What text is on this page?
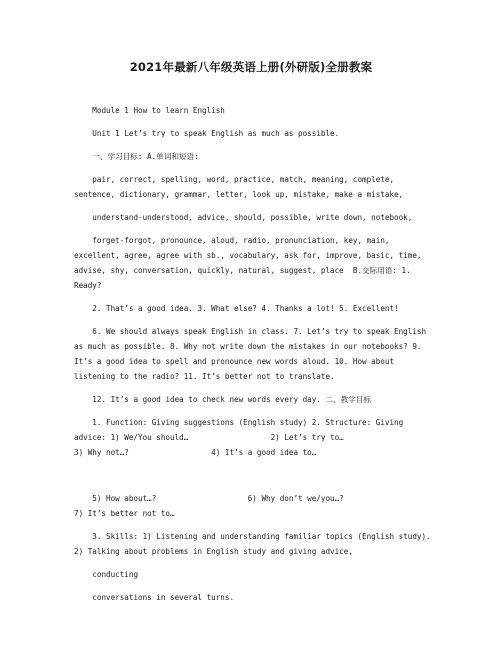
2021年最新八年级英语上册(外研版)全册教案
Module 1 How to learn English
Unit 1 Let’s try to speak English as much as possible.
一、学习目标: A.单词和短语:
pair, correct, spelling, word, practice, match, meaning, complete,
sentence, dictionary, grammar, letter, look up, mistake, make a mistake,
understand-understood, advice, should, possible, write down, notebook,
forget-forgot, pronounce, aloud, radio, pronunciation, key, main,
excellent, agree, agree with sb., vocabulary, ask for, improve, basic, time,
advise, shy, conversation, quickly, natural, suggest, place  B.交际用语: 1.
Ready?
2. That’s a good idea. 3. What else? 4. Thanks a lot! 5. Excellent!
6. We should always speak English in class. 7. Let’s try to speak English
as much as possible. 8. Why not write down the mistakes in our notebooks? 9.
It’s a good idea to spell and pronounce new words aloud. 10. How about
listening to the radio? 11. It’s better not to translate.
12. It’s a good idea to check new words every day. 二、教学目标
1. Function: Giving suggestions (English study) 2. Structure: Giving
advice: 1) We/You should…                  2) Let’s try to…
3) Why not…?                  4) It’s a good idea to…
5) How about…?                    6) Why don’t we/you…?
7) It’s better not to…
3. Skills: 1) Listening and understanding familiar topics (English study).
2) Talking about problems in English study and giving advice,
conducting
conversations in several turns.
